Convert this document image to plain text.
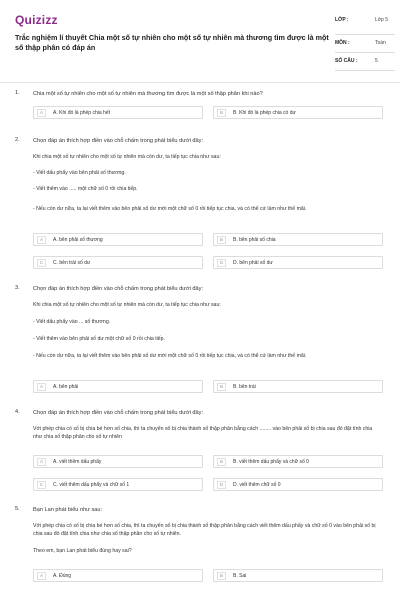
Quizizz
Trắc nghiệm lí thuyết Chia một số tự nhiên cho một số tự nhiên mà thương tìm được là một số thập phân có đáp án
LỚP :	Lớp 5
MÔN :	Toán
SỐ CÂU :	5
1. Chia một số tự nhiên cho một số tự nhiên mà thương tìm được là một số thập phân khi nào?
A	A. Khi đó là phép chia hết	B	B. Khi đó là phép chia có dư
2. Chọn đáp án thích hợp điền vào chỗ chấm trong phát biểu dưới đây:
Khi chia một số tự nhiên cho một số tự nhiên mà còn dư, ta tiếp tục chia như sau:
- Viết dấu phẩy vào bên phải số thương.
- Viết thêm vào ..... một chữ số 0 rồi chia tiếp.
- Nếu còn dư nữa, ta lại viết thêm vào bên phải số dư mới một chữ số 0 rồi tiếp tục chia, và có thể cứ làm như thế mãi.
A	A. bên phải số thương	B	B. bên phải số chia
C	C. bên trái số dư	D	D. bên phải số dư
3. Chọn đáp án thích hợp điền vào chỗ chấm trong phát biểu dưới đây:
Khi chia một số tự nhiên cho một số tự nhiên mà còn dư, ta tiếp tục chia như sau:
- Viết dấu phẩy vào ... số thương.
- Viết thêm vào bên phải số dư một chữ số 0 rồi chia tiếp.
- Nếu còn dư nữa, ta lại viết thêm vào bên phải số dư mới một chữ số 0 rồi tiếp tục chia, và có thể cứ làm như thế mãi.
A	A. bên phải	B	B. bên trái
4. Chọn đáp án thích hợp điền vào chỗ chấm trong phát biểu dưới đây:
Với phép chia có số bị chia bé hơn số chia, thì ta chuyển số bị chia thành số thập phân bằng cách ........ vào bên phải số bị chia sau đó đặt tính chia như chia số thập phân cho số tự nhiên
A	A. viết thêm dấu phẩy	B	B. viết thêm dấu phẩy và chữ số 0
C	C. viết thêm dấu phẩy và chữ số 1	D	D. viết thêm chữ số 0
5. Bạn Lan phát biểu như sau:
Với phép chia có số bị chia bé hơn số chia, thì ta chuyển số bị chia thành số thập phân bằng cách viết thêm dấu phẩy và chữ số 0 vào bên phải số bị chia sau đó đặt tính chia như chia số thập phân cho số tự nhiên.
Theo em, bạn Lan phát biểu đúng hay sai?
A	A. Đúng	B	B. Sai
